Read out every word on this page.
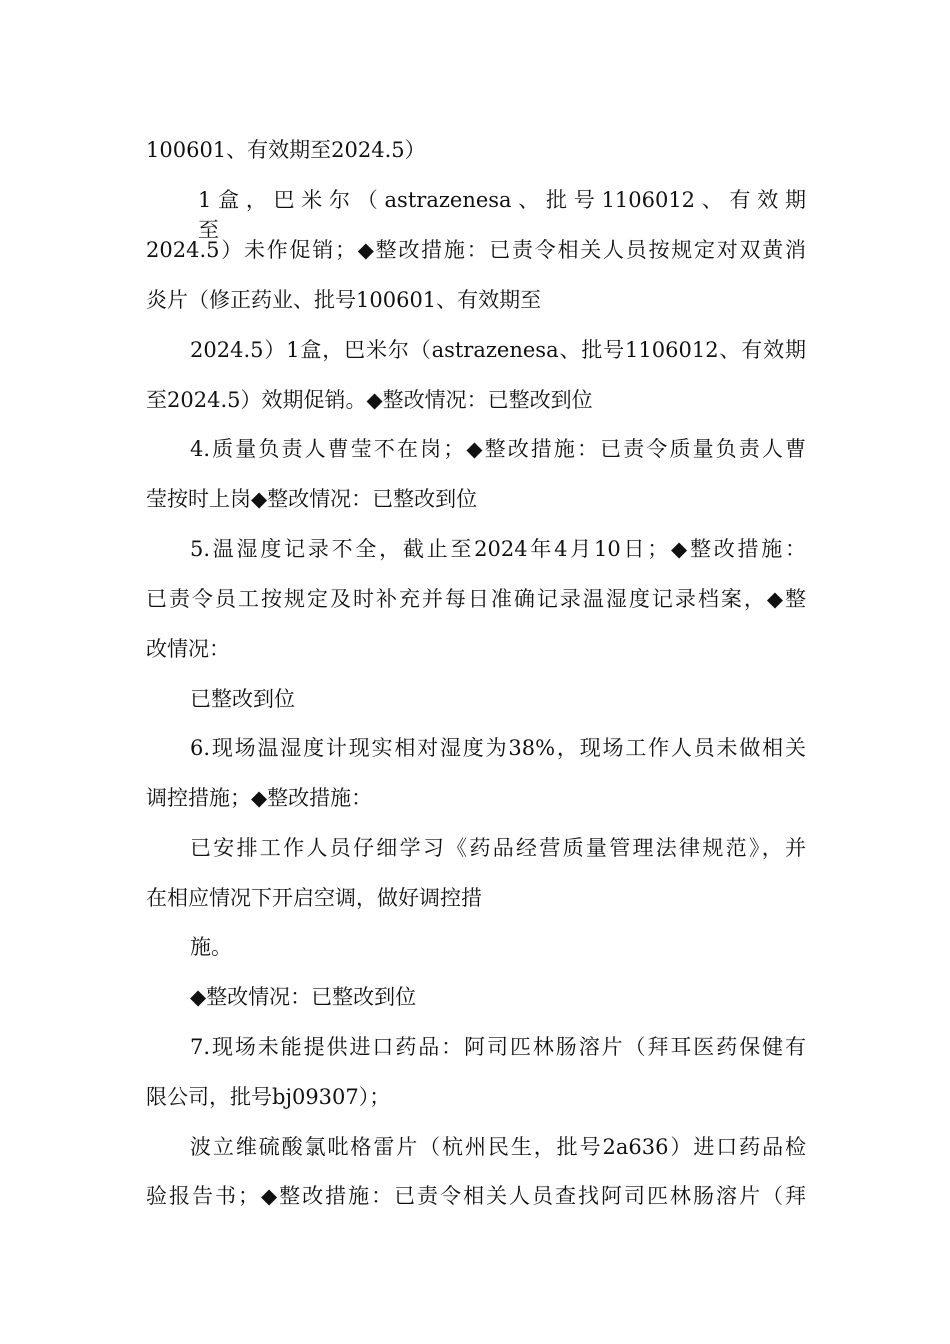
100601、有效期至2024.5）
1 盒 ， 巴 米 尔 （ astrazenesa 、 批 号 1106012 、 有 效 期 至
2024.5）未作促销；◆整改措施：已责令相关人员按规定对双黄消
炎片（修正药业、批号100601、有效期至
2024.5）1盒，巴米尔（astrazenesa、批号1106012、有效期
至2024.5）效期促销。◆整改情况：已整改到位
4.质量负责人曹莹不在岗；◆整改措施：已责令质量负责人曹
莹按时上岗◆整改情况：已整改到位
5.温湿度记录不全，截止至2024年4月10日；◆整改措施：
已责令员工按规定及时补充并每日准确记录温湿度记录档案，◆整
改情况：
已整改到位
6.现场温湿度计现实相对湿度为38%，现场工作人员未做相关
调控措施；◆整改措施：
已安排工作人员仔细学习《药品经营质量管理法律规范》，并
在相应情况下开启空调，做好调控措
施。
◆整改情况：已整改到位
7.现场未能提供进口药品：阿司匹林肠溶片（拜耳医药保健有
限公司，批号bj09307）；
波立维硫酸氯吡格雷片（杭州民生，批号2a636）进口药品检
验报告书；◆整改措施：已责令相关人员查找阿司匹林肠溶片（拜
